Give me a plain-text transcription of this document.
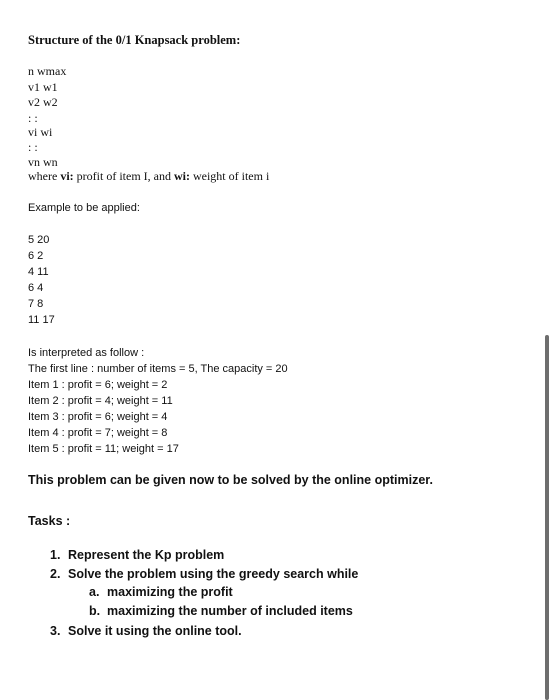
Structure of the 0/1 Knapsack problem:
n wmax
v1 w1
v2 w2
: :
vi wi
: :
vn wn
where vi: profit of item I, and wi: weight of item i
Example to be applied:
5 20
6 2
4 11
6 4
7 8
11 17
Is interpreted as follow :
The first line : number of items = 5, The capacity = 20
Item 1 : profit = 6; weight = 2
Item 2 : profit = 4; weight = 11
Item 3 : profit = 6; weight = 4
Item 4 : profit = 7; weight = 8
Item 5 : profit = 11; weight = 17
This problem can be given now to be solved by the online optimizer.
Tasks :
1. Represent the Kp problem
2. Solve the problem using the greedy search while
a. maximizing the profit
b. maximizing the number of included items
3. Solve it using the online tool.
